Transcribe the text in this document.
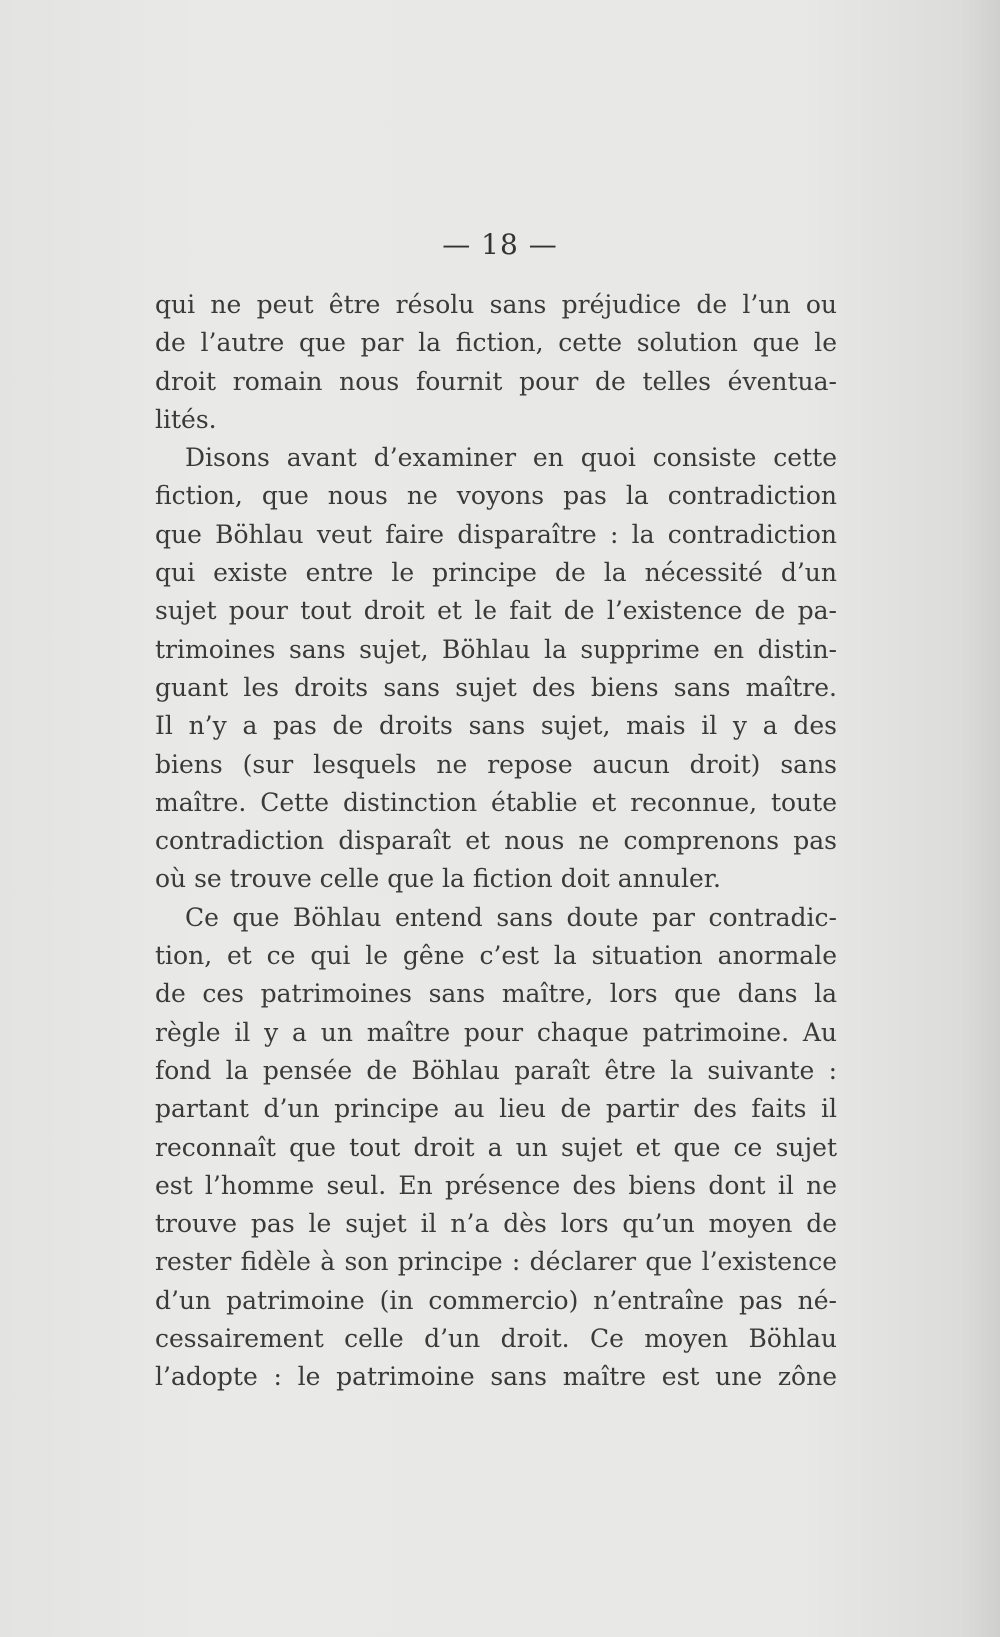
— 18 —
qui ne peut être résolu sans préjudice de l’un ou
de l’autre que par la fiction, cette solution que le
droit romain nous fournit pour de telles éventua-
lités.
Disons avant d’examiner en quoi consiste cette
fiction, que nous ne voyons pas la contradiction
que Böhlau veut faire disparaître : la contradiction
qui existe entre le principe de la nécessité d’un
sujet pour tout droit et le fait de l’existence de pa-
trimoines sans sujet, Böhlau la supprime en distin-
guant les droits sans sujet des biens sans maître.
Il n’y a pas de droits sans sujet, mais il y a des
biens (sur lesquels ne repose aucun droit) sans
maître. Cette distinction établie et reconnue, toute
contradiction disparaît et nous ne comprenons pas
où se trouve celle que la fiction doit annuler.
Ce que Böhlau entend sans doute par contradic-
tion, et ce qui le gêne c’est la situation anormale
de ces patrimoines sans maître, lors que dans la
règle il y a un maître pour chaque patrimoine. Au
fond la pensée de Böhlau paraît être la suivante :
partant d’un principe au lieu de partir des faits il
reconnaît que tout droit a un sujet et que ce sujet
est l’homme seul. En présence des biens dont il ne
trouve pas le sujet il n’a dès lors qu’un moyen de
rester fidèle à son principe : déclarer que l’existence
d’un patrimoine (in commercio) n’entraîne pas né-
cessairement celle d’un droit. Ce moyen Böhlau
l’adopte : le patrimoine sans maître est une zône
